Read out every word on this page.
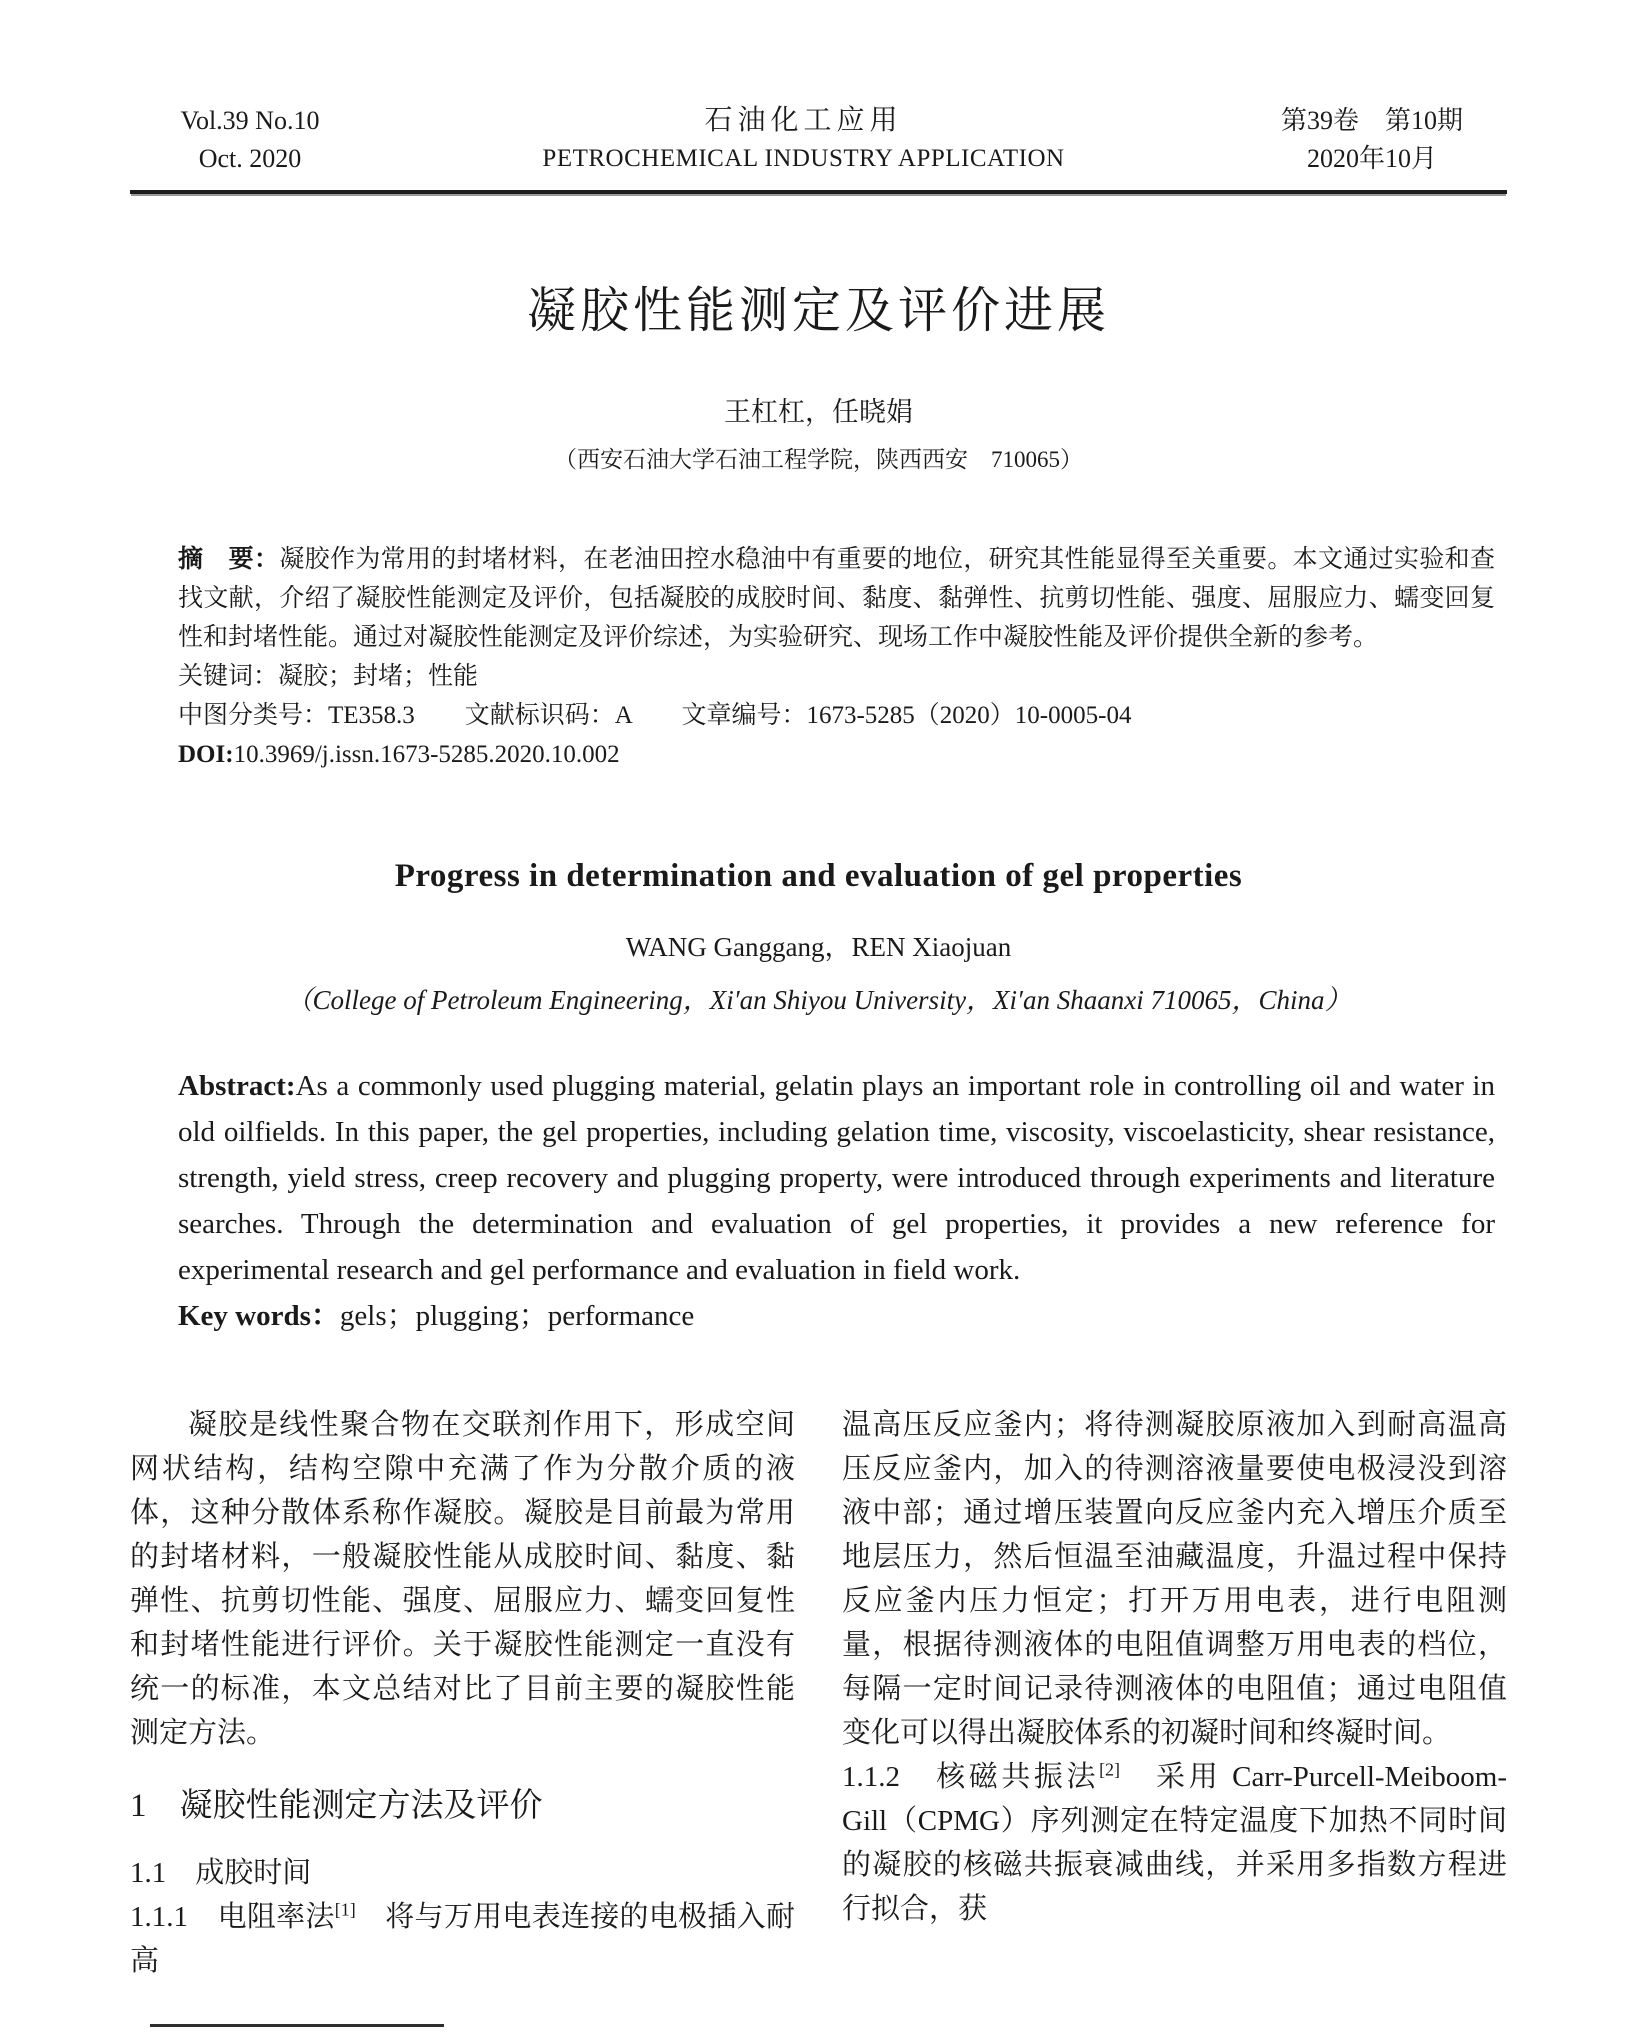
Vol.39 No.10
Oct. 2020
石油化工应用
PETROCHEMICAL INDUSTRY APPLICATION
第39卷　第10期
2020年10月
凝胶性能测定及评价进展
王杠杠，任晓娟
（西安石油大学石油工程学院，陕西西安　710065）

摘　要：凝胶作为常用的封堵材料，在老油田控水稳油中有重要的地位，研究其性能显得至关重要。本文通过实验和查找文献，介绍了凝胶性能测定及评价，包括凝胶的成胶时间、黏度、黏弹性、抗剪切性能、强度、屈服应力、蠕变回复性和封堵性能。通过对凝胶性能测定及评价综述，为实验研究、现场工作中凝胶性能及评价提供全新的参考。

关键词：凝胶；封堵；性能

中图分类号：TE358.3　　文献标识码：A　　文章编号：1673-5285（2020）10-0005-04

DOI:10.3969/j.issn.1673-5285.2020.10.002

Progress in determination and evaluation of gel properties
WANG Ganggang，REN Xiaojuan
（College of Petroleum Engineering，Xi′an Shiyou University，Xi′an Shaanxi 710065，China）

Abstract:As a commonly used plugging material, gelatin plays an important role in controlling oil and water in old oilfields. In this paper, the gel properties, including gelation time, viscosity, viscoelasticity, shear resistance, strength, yield stress, creep recovery and plugging property, were introduced through experiments and literature searches. Through the determination and evaluation of gel properties, it provides a new reference for experimental research and gel performance and evaluation in field work.

Key words：gels；plugging；performance

凝胶是线性聚合物在交联剂作用下，形成空间网状结构，结构空隙中充满了作为分散介质的液体，这种分散体系称作凝胶。凝胶是目前最为常用的封堵材料，一般凝胶性能从成胶时间、黏度、黏弹性、抗剪切性能、强度、屈服应力、蠕变回复性和封堵性能进行评价。关于凝胶性能测定一直没有统一的标准，本文总结对比了目前主要的凝胶性能测定方法。

1　凝胶性能测定方法及评价
1.1　成胶时间

1.1.1　电阻率法[1]　将与万用电表连接的电极插入耐高

温高压反应釜内；将待测凝胶原液加入到耐高温高压反应釜内，加入的待测溶液量要使电极浸没到溶液中部；通过增压装置向反应釜内充入增压介质至地层压力，然后恒温至油藏温度，升温过程中保持反应釜内压力恒定；打开万用电表，进行电阻测量，根据待测液体的电阻值调整万用电表的档位，每隔一定时间记录待测液体的电阻值；通过电阻值变化可以得出凝胶体系的初凝时间和终凝时间。

1.1.2　核磁共振法[2]　采用 Carr-Purcell-Meiboom-Gill（CPMG）序列测定在特定温度下加热不同时间的凝胶的核磁共振衰减曲线，并采用多指数方程进行拟合，获
